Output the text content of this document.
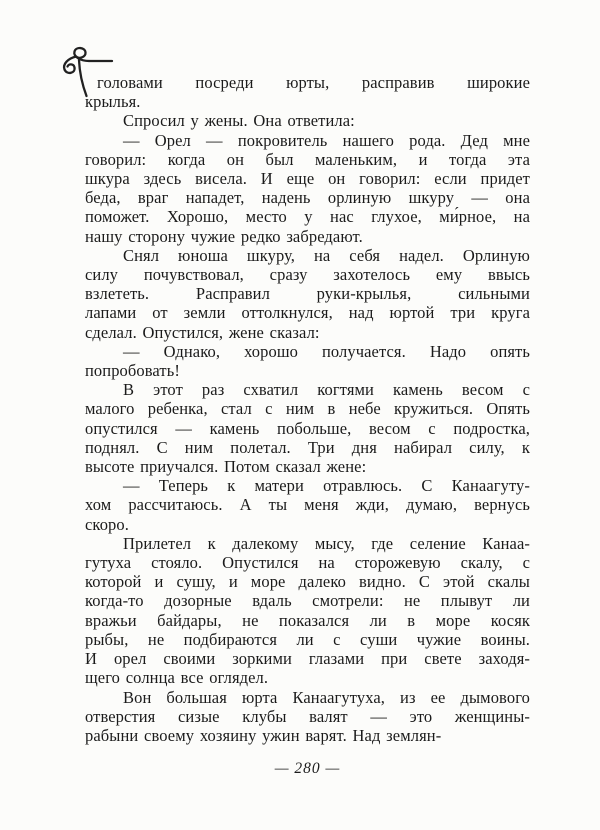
головами посреди юрты, расправив широкие
крылья.
Спросил у жены. Она ответила:
— Орел — покровитель нашего рода. Дед мне
говорил: когда он был маленьким, и тогда эта
шкура здесь висела. И еще он говорил: если придет
беда, враг нападет, надень орлиную шкуру — она
поможет. Хорошо, место у нас глухое, ми́рное, на
нашу сторону чужие редко забредают.
Снял юноша шкуру, на себя надел. Орлиную
силу почувствовал, сразу захотелось ему ввысь
взлететь. Расправил руки-крылья, сильными
лапами от земли оттолкнулся, над юртой три круга
сделал. Опустился, жене сказал:
— Однако, хорошо получается. Надо опять
попробовать!
В этот раз схватил когтями камень весом с
малого ребенка, стал с ним в небе кружиться. Опять
опустился — камень побольше, весом с подростка,
поднял. С ним полетал. Три дня набирал силу, к
высоте приучался. Потом сказал жене:
— Теперь к матери отравлюсь. С Канаагуту-
хом рассчитаюсь. А ты меня жди, думаю, вернусь
скоро.
Прилетел к далекому мысу, где селение Канаа-
гутуха стояло. Опустился на сторожевую скалу, с
которой и сушу, и море далеко видно. С этой скалы
когда-то дозорные вдаль смотрели: не плывут ли
вражьи байдары, не показался ли в море косяк
рыбы, не подбираются ли с суши чужие воины.
И орел своими зоркими глазами при свете заходя-
щего солнца все оглядел.
Вон большая юрта Канаагутуха, из ее дымового
отверстия сизые клубы валят — это женщины-
рабыни своему хозяину ужин варят. Над землян-
— 280 —
